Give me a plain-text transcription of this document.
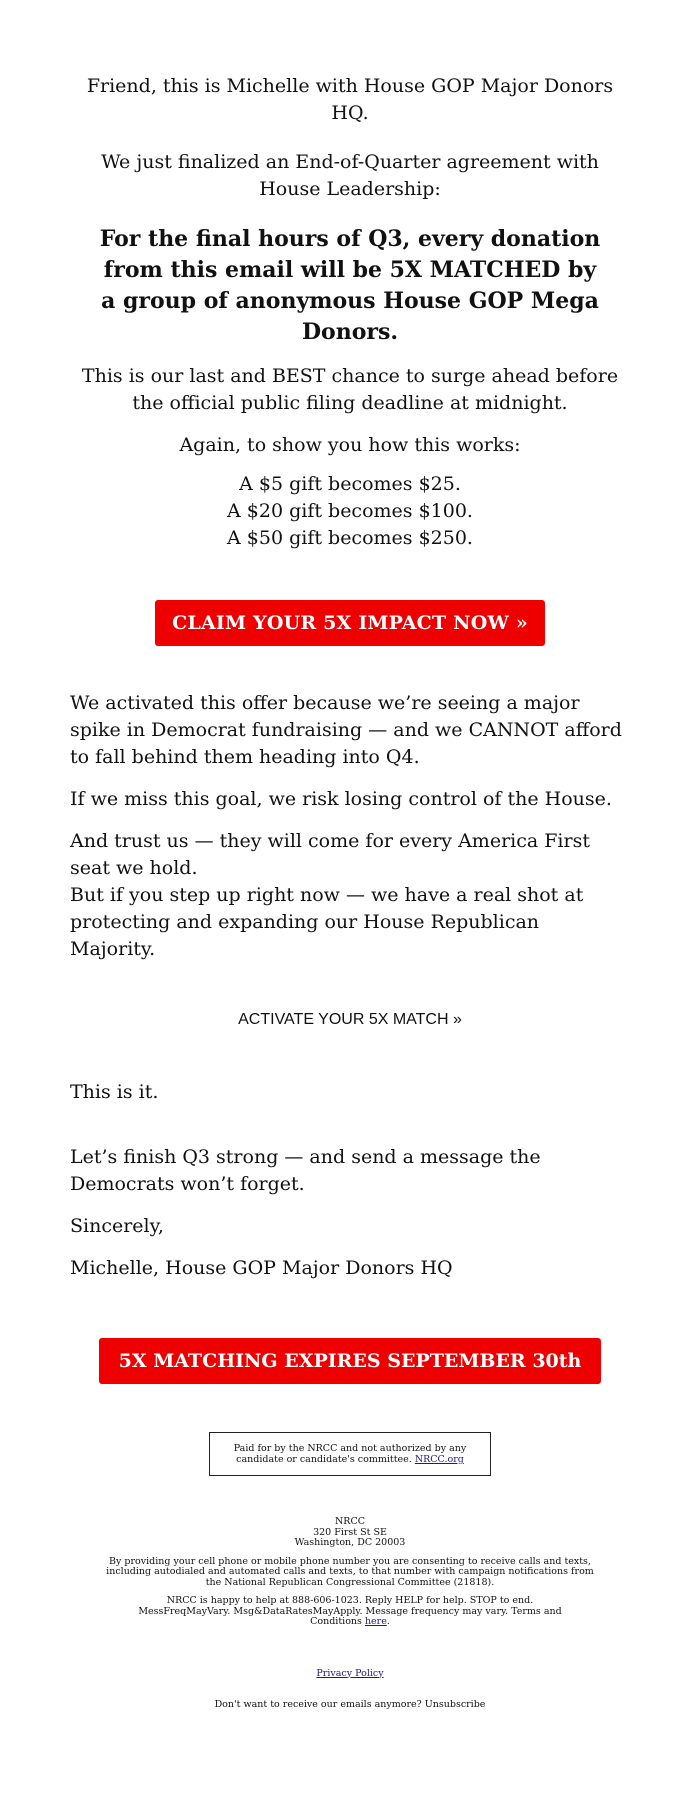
Friend, this is Michelle with House GOP Major Donors HQ.
We just finalized an End-of-Quarter agreement with House Leadership:
For the final hours of Q3, every donation from this email will be 5X MATCHED by a group of anonymous House GOP Mega Donors.
This is our last and BEST chance to surge ahead before the official public filing deadline at midnight.
Again, to show you how this works:
A $5 gift becomes $25.
A $20 gift becomes $100.
A $50 gift becomes $250.
CLAIM YOUR 5X IMPACT NOW »

We activated this offer because we’re seeing a major spike in Democrat fundraising — and we CANNOT afford to fall behind them heading into Q4.

If we miss this goal, we risk losing control of the House.

And trust us — they will come for every America First seat we hold.

But if you step up right now — we have a real shot at protecting and expanding our House Republican Majority.

ACTIVATE YOUR 5X MATCH »

This is it.

Let’s finish Q3 strong — and send a message the Democrats won’t forget.

Sincerely,

Michelle, House GOP Major Donors HQ

5X MATCHING EXPIRES SEPTEMBER 30th
Paid for by the NRCC and not authorized by any candidate or candidate's committee. NRCC.org
NRCC
320 First St SE
Washington, DC 20003
By providing your cell phone or mobile phone number you are consenting to receive calls and texts, including autodialed and automated calls and texts, to that number with campaign notifications from the National Republican Congressional Committee (21818).
NRCC is happy to help at 888-606-1023. Reply HELP for help. STOP to end. MessFreqMayVary. Msg&DataRatesMayApply. Message frequency may vary. Terms and Conditions here.
Privacy Policy
Don't want to receive our emails anymore? Unsubscribe
